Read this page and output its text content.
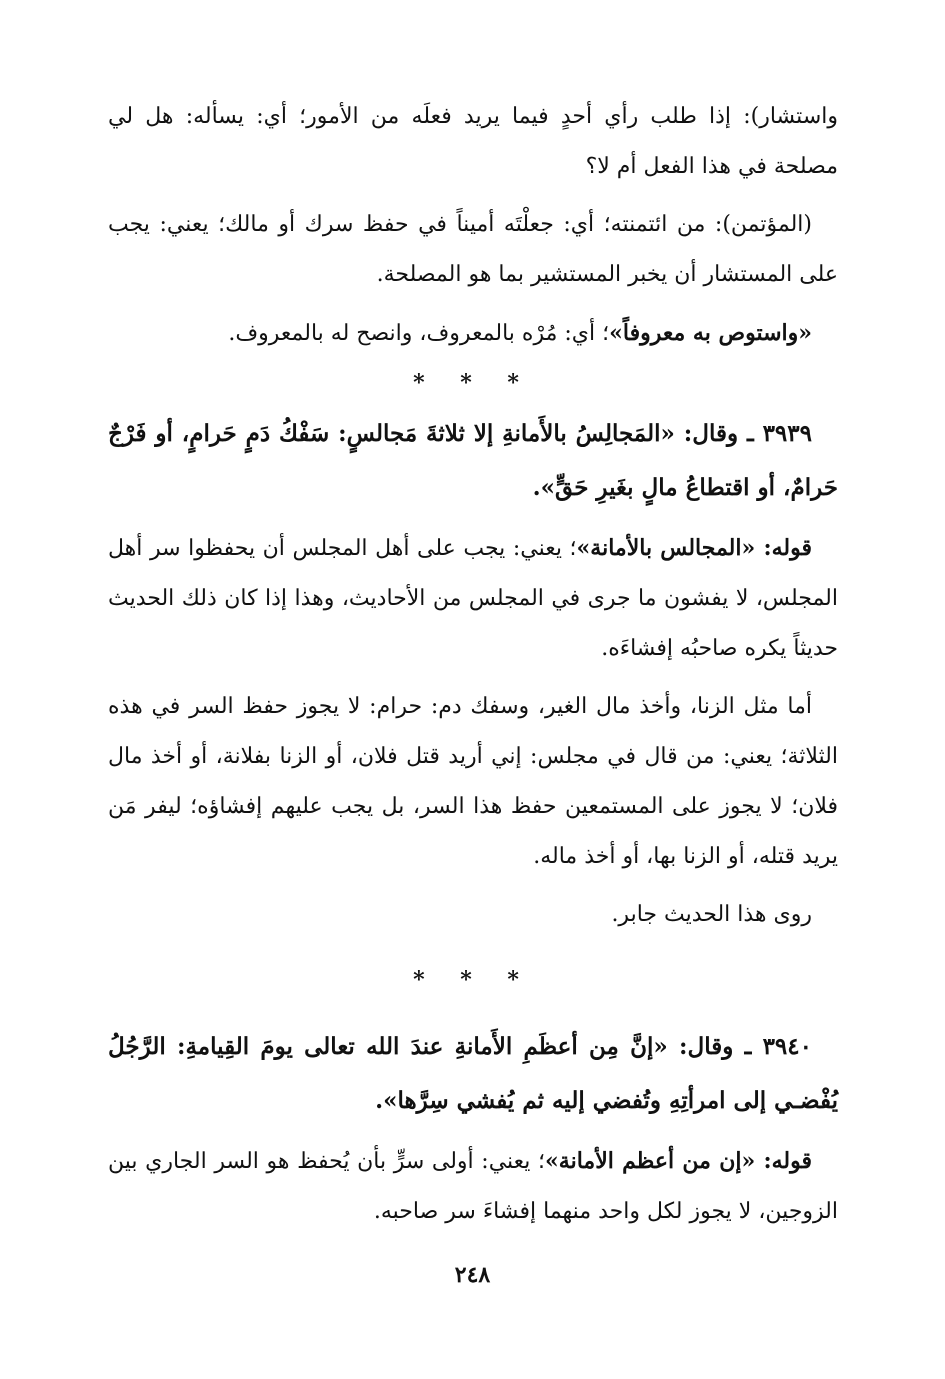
واستشار): إذا طلب رأي أحدٍ فيما يريد فعلَه من الأمور؛ أي: يسأله: هل لي مصلحة في هذا الفعل أم لا؟

(المؤتمن): من ائتمنته؛ أي: جعلْتَه أميناً في حفظ سرك أو مالك؛ يعني: يجب على المستشار أن يخبر المستشير بما هو المصلحة.

«واستوص به معروفاً»؛ أي: مُرْه بالمعروف، وانصح له بالمعروف.

* * *

٣٩٣٩ ـ وقال: «المَجالِسُ بالأَمانةِ إلا ثلاثةَ مَجالسٍ: سَفْكُ دَمٍ حَرامٍ، أو فَرْجٌ حَرامٌ، أو اقتطاعُ مالٍ بغَيرِ حَقٍّ».

قوله: «المجالس بالأمانة»؛ يعني: يجب على أهل المجلس أن يحفظوا سر أهل المجلس، لا يفشون ما جرى في المجلس من الأحاديث، وهذا إذا كان ذلك الحديث حديثاً يكره صاحبُه إفشاءَه.

أما مثل الزنا، وأخذ مال الغير، وسفك دم: حرام: لا يجوز حفظ السر في هذه الثلاثة؛ يعني: من قال في مجلس: إني أريد قتل فلان، أو الزنا بفلانة، أو أخذ مال فلان؛ لا يجوز على المستمعين حفظ هذا السر، بل يجب عليهم إفشاؤه؛ ليفر مَن يريد قتله، أو الزنا بها، أو أخذ ماله.

روى هذا الحديث جابر.

* * *

٣٩٤٠ ـ وقال: «إنَّ مِن أعظَمِ الأَمانةِ عندَ الله تعالى يومَ القِيامةِ: الرَّجُلُ يُفْضـي إلى امرأتِهِ وتُفضي إليه ثم يُفشي سِرَّها».

قوله: «إن من أعظم الأمانة»؛ يعني: أولى سرٍّ بأن يُحفظ هو السر الجاري بين الزوجين، لا يجوز لكل واحد منهما إفشاءَ سر صاحبه.

٢٤٨
